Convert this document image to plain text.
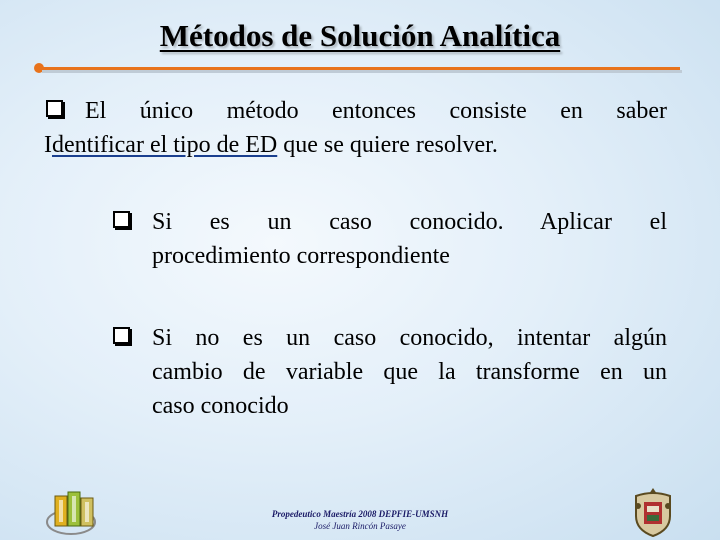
Métodos de Solución Analítica
El único método entonces consiste en saber
Identificar el tipo de ED que se quiere resolver.
Si es un caso conocido. Aplicar el
procedimiento correspondiente
Si no es un caso conocido, intentar algún
cambio de variable que la transforme en un
caso conocido
Propedeutico Maestría 2008 DEPFIE-UMSNH
José Juan Rincón Pasaye
